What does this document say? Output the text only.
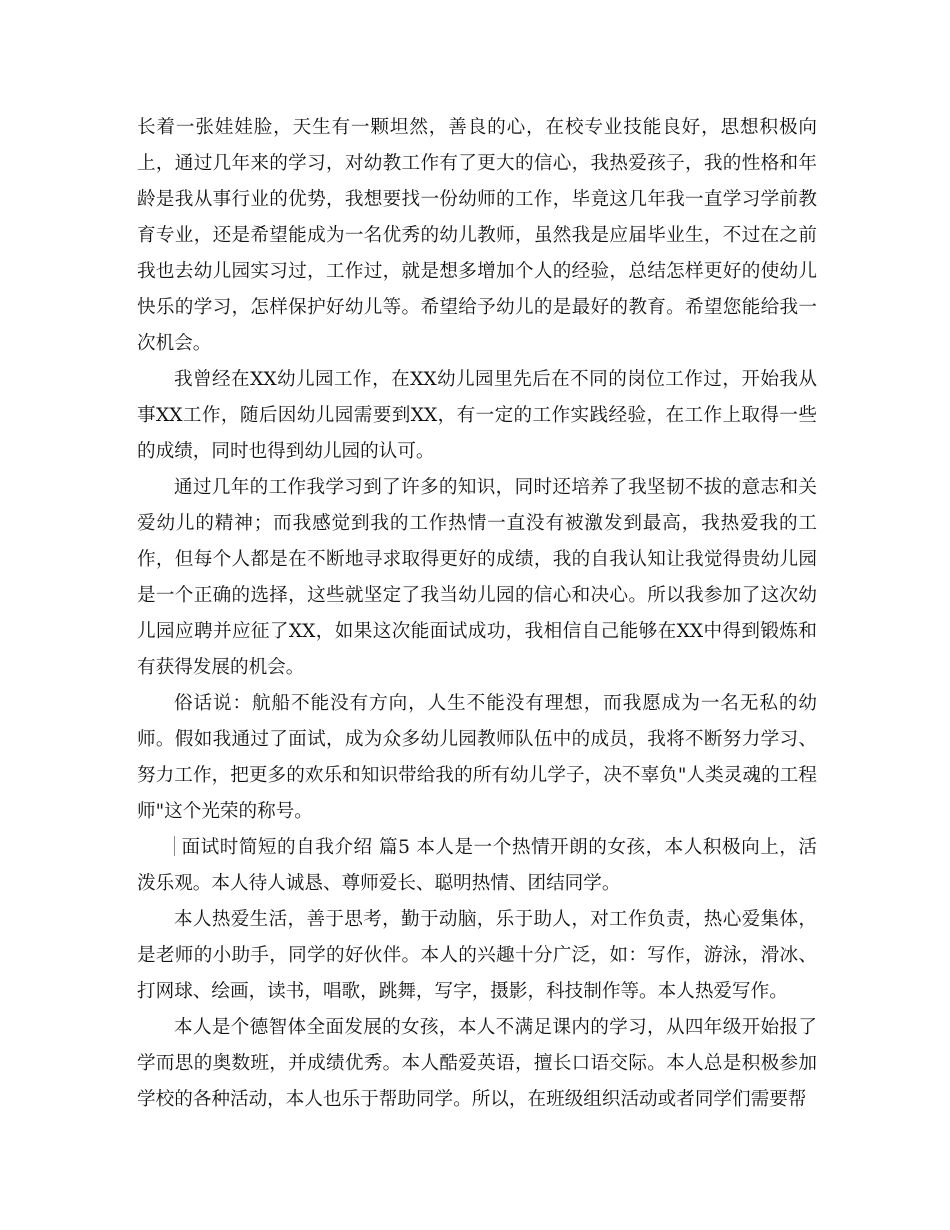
长着一张娃娃脸，天生有一颗坦然，善良的心，在校专业技能良好，思想积极向上，通过几年来的学习，对幼教工作有了更大的信心，我热爱孩子，我的性格和年龄是我从事行业的优势，我想要找一份幼师的工作，毕竟这几年我一直学习学前教育专业，还是希望能成为一名优秀的幼儿教师，虽然我是应届毕业生，不过在之前我也去幼儿园实习过，工作过，就是想多增加个人的经验，总结怎样更好的使幼儿快乐的学习，怎样保护好幼儿等。希望给予幼儿的是最好的教育。希望您能给我一次机会。

我曾经在XX幼儿园工作，在XX幼儿园里先后在不同的岗位工作过，开始我从事XX工作，随后因幼儿园需要到XX，有一定的工作实践经验，在工作上取得一些的成绩，同时也得到幼儿园的认可。

通过几年的工作我学习到了许多的知识，同时还培养了我坚韧不拔的意志和关爱幼儿的精神；而我感觉到我的工作热情一直没有被激发到最高，我热爱我的工作，但每个人都是在不断地寻求取得更好的成绩，我的自我认知让我觉得贵幼儿园是一个正确的选择，这些就坚定了我当幼儿园的信心和决心。所以我参加了这次幼儿园应聘并应征了XX，如果这次能面试成功，我相信自己能够在XX中得到锻炼和有获得发展的机会。

俗话说：航船不能没有方向，人生不能没有理想，而我愿成为一名无私的幼师。假如我通过了面试，成为众多幼儿园教师队伍中的成员，我将不断努力学习、努力工作，把更多的欢乐和知识带给我的所有幼儿学子，决不辜负"人类灵魂的工程师"这个光荣的称号。

面试时简短的自我介绍 篇5 本人是一个热情开朗的女孩，本人积极向上，活泼乐观。本人待人诚恳、尊师爱长、聪明热情、团结同学。

本人热爱生活，善于思考，勤于动脑，乐于助人，对工作负责，热心爱集体，是老师的小助手，同学的好伙伴。本人的兴趣十分广泛，如：写作，游泳，滑冰、打网球、绘画，读书，唱歌，跳舞，写字，摄影，科技制作等。本人热爱写作。

本人是个德智体全面发展的女孩，本人不满足课内的学习，从四年级开始报了学而思的奥数班，并成绩优秀。本人酷爱英语，擅长口语交际。本人总是积极参加学校的各种活动，本人也乐于帮助同学。所以，在班级组织活动或者同学们需要帮
